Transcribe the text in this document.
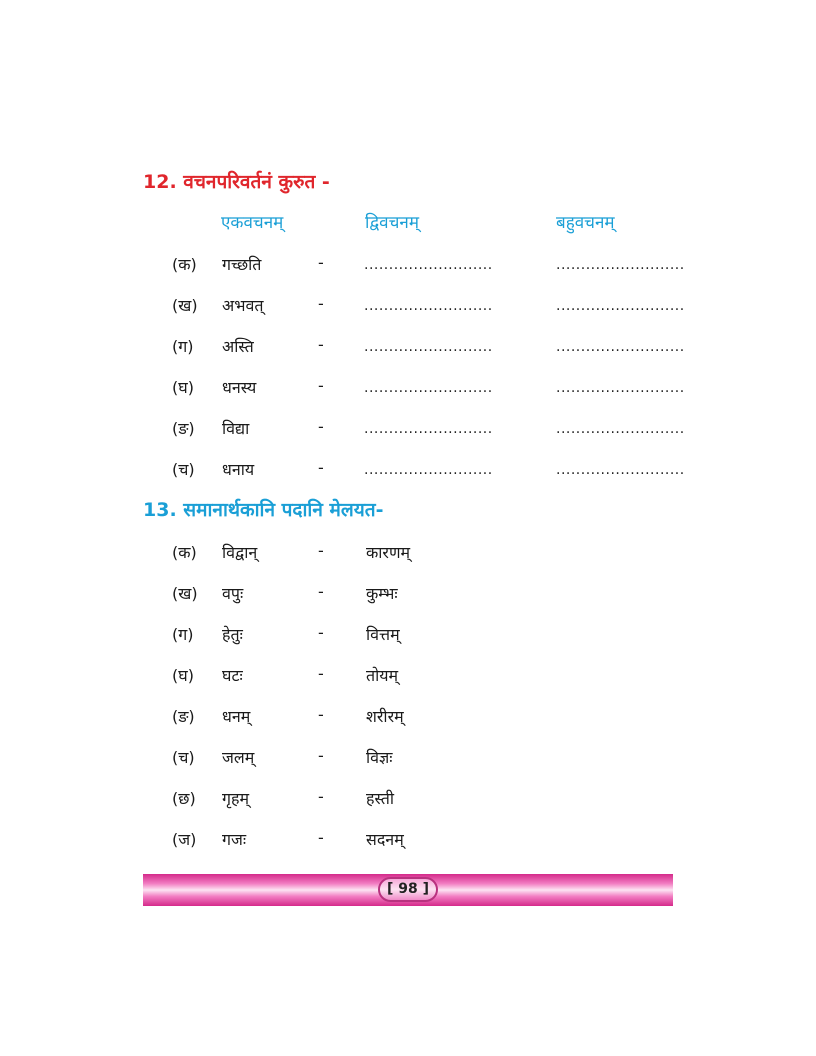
12. वचनपरिवर्तनं कुरुत -
एकवचनम्	द्विवचनम्	बहुवचनम्
(क) गच्छति	-	..........................	..........................
(ख) अभवत्	-	..........................	..........................
(ग) अस्ति	-	..........................	..........................
(घ) धनस्य	-	..........................	..........................
(ङ) विद्या	-	..........................	..........................
(च) धनाय	-	..........................	..........................
13. समानार्थकानि पदानि मेलयत-
(क) विद्वान्	-	कारणम्
(ख) वपुः	-	कुम्भः
(ग) हेतुः	-	वित्तम्
(घ) घटः	-	तोयम्
(ङ) धनम्	-	शरीरम्
(च) जलम्	-	विज्ञः
(छ) गृहम्	-	हस्ती
(ज) गजः	-	सदनम्
[ 98 ]
